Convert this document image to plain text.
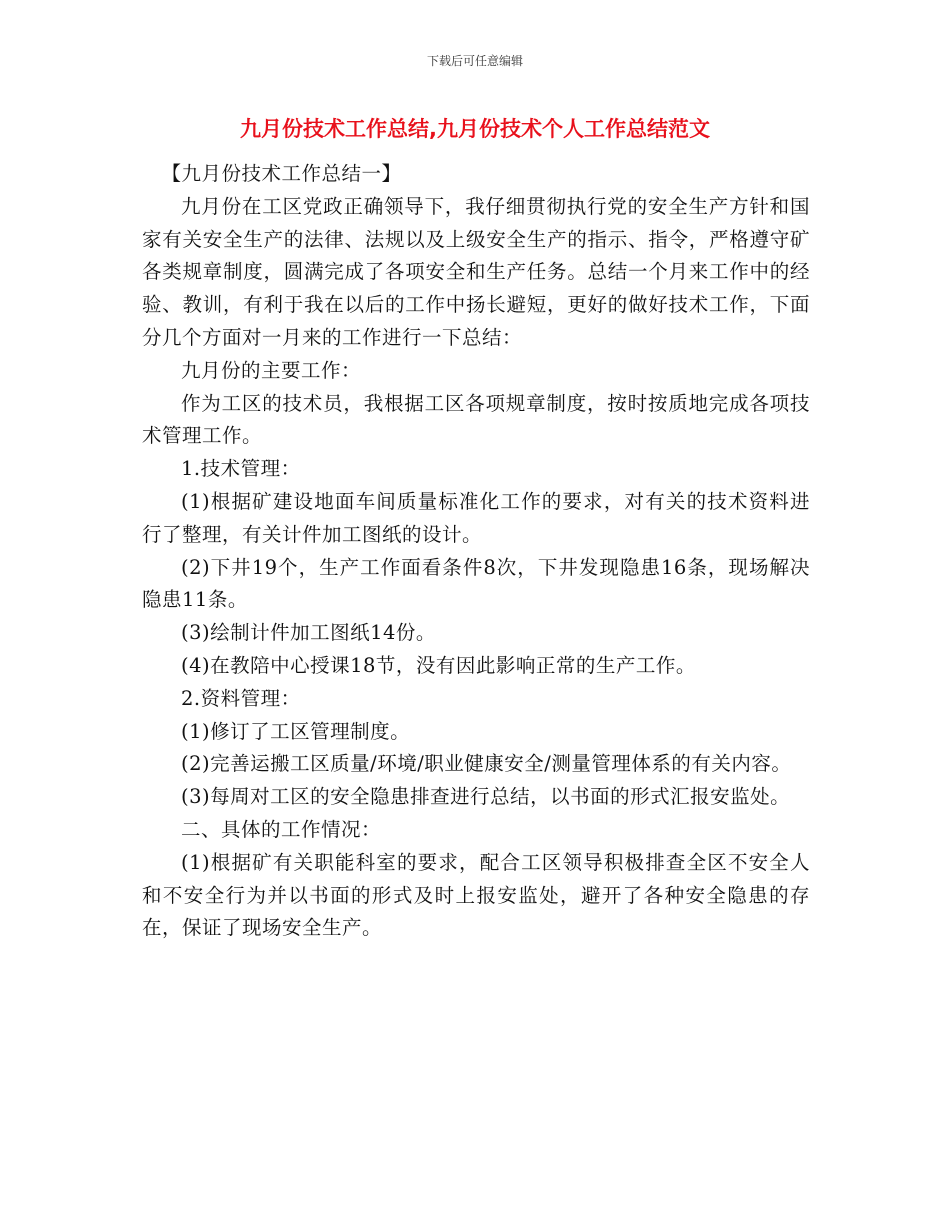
下载后可任意编辑
九月份技术工作总结,九月份技术个人工作总结范文

【九月份技术工作总结一】

九月份在工区党政正确领导下，我仔细贯彻执行党的安全生产方针和国家有关安全生产的法律、法规以及上级安全生产的指示、指令，严格遵守矿各类规章制度，圆满完成了各项安全和生产任务。总结一个月来工作中的经验、教训，有利于我在以后的工作中扬长避短，更好的做好技术工作，下面分几个方面对一月来的工作进行一下总结：

九月份的主要工作：

作为工区的技术员，我根据工区各项规章制度，按时按质地完成各项技术管理工作。

1.技术管理：

(1)根据矿建设地面车间质量标准化工作的要求，对有关的技术资料进行了整理，有关计件加工图纸的设计。

(2)下井19个，生产工作面看条件8次，下井发现隐患16条，现场解决隐患11条。

(3)绘制计件加工图纸14份。

(4)在教陪中心授课18节，没有因此影响正常的生产工作。

2.资料管理：

(1)修订了工区管理制度。

(2)完善运搬工区质量/环境/职业健康安全/测量管理体系的有关内容。

(3)每周对工区的安全隐患排查进行总结，以书面的形式汇报安监处。

二、具体的工作情况：

(1)根据矿有关职能科室的要求，配合工区领导积极排查全区不安全人和不安全行为并以书面的形式及时上报安监处，避开了各种安全隐患的存在，保证了现场安全生产。
